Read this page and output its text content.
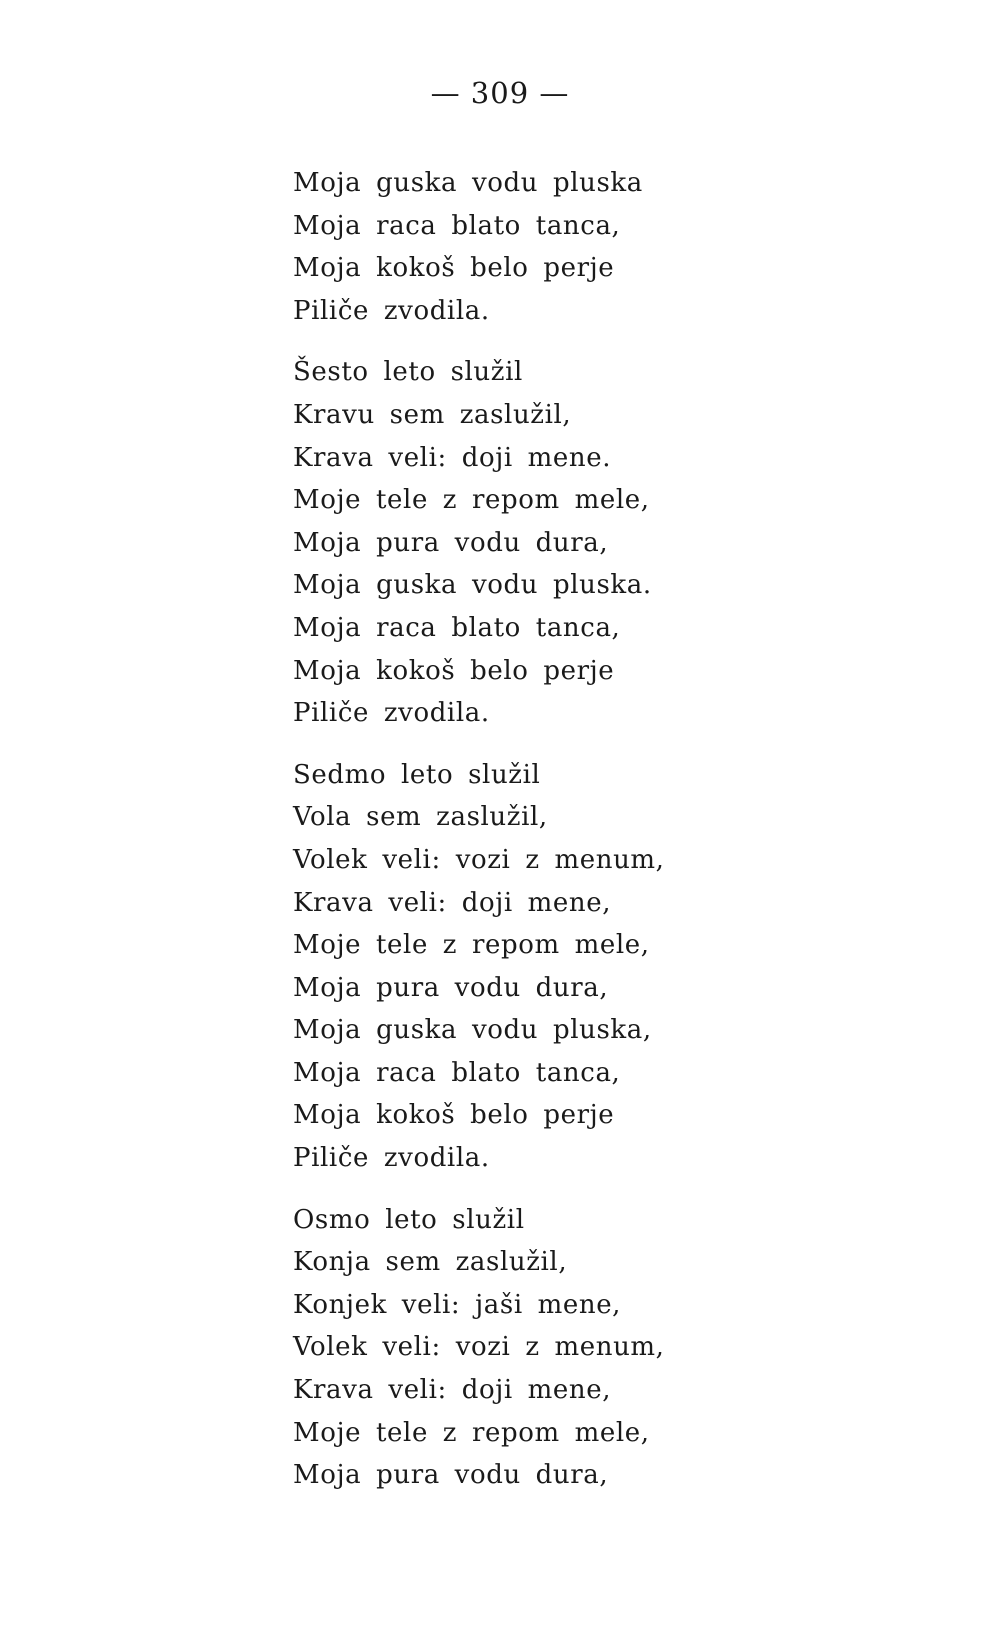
— 309 —
Moja guska vodu pluska
Moja raca blato tanca,
Moja kokoš belo perje
Piliče zvodila.
Šesto leto služil
Kravu sem zaslužil,
Krava veli: doji mene.
Moje tele z repom mele,
Moja pura vodu dura,
Moja guska vodu pluska.
Moja raca blato tanca,
Moja kokoš belo perje
Piliče zvodila.
Sedmo leto služil
Vola sem zaslužil,
Volek veli: vozi z menum,
Krava veli: doji mene,
Moje tele z repom mele,
Moja pura vodu dura,
Moja guska vodu pluska,
Moja raca blato tanca,
Moja kokoš belo perje
Piliče zvodila.
Osmo leto služil
Konja sem zaslužil,
Konjek veli: jaši mene,
Volek veli: vozi z menum,
Krava veli: doji mene,
Moje tele z repom mele,
Moja pura vodu dura,
